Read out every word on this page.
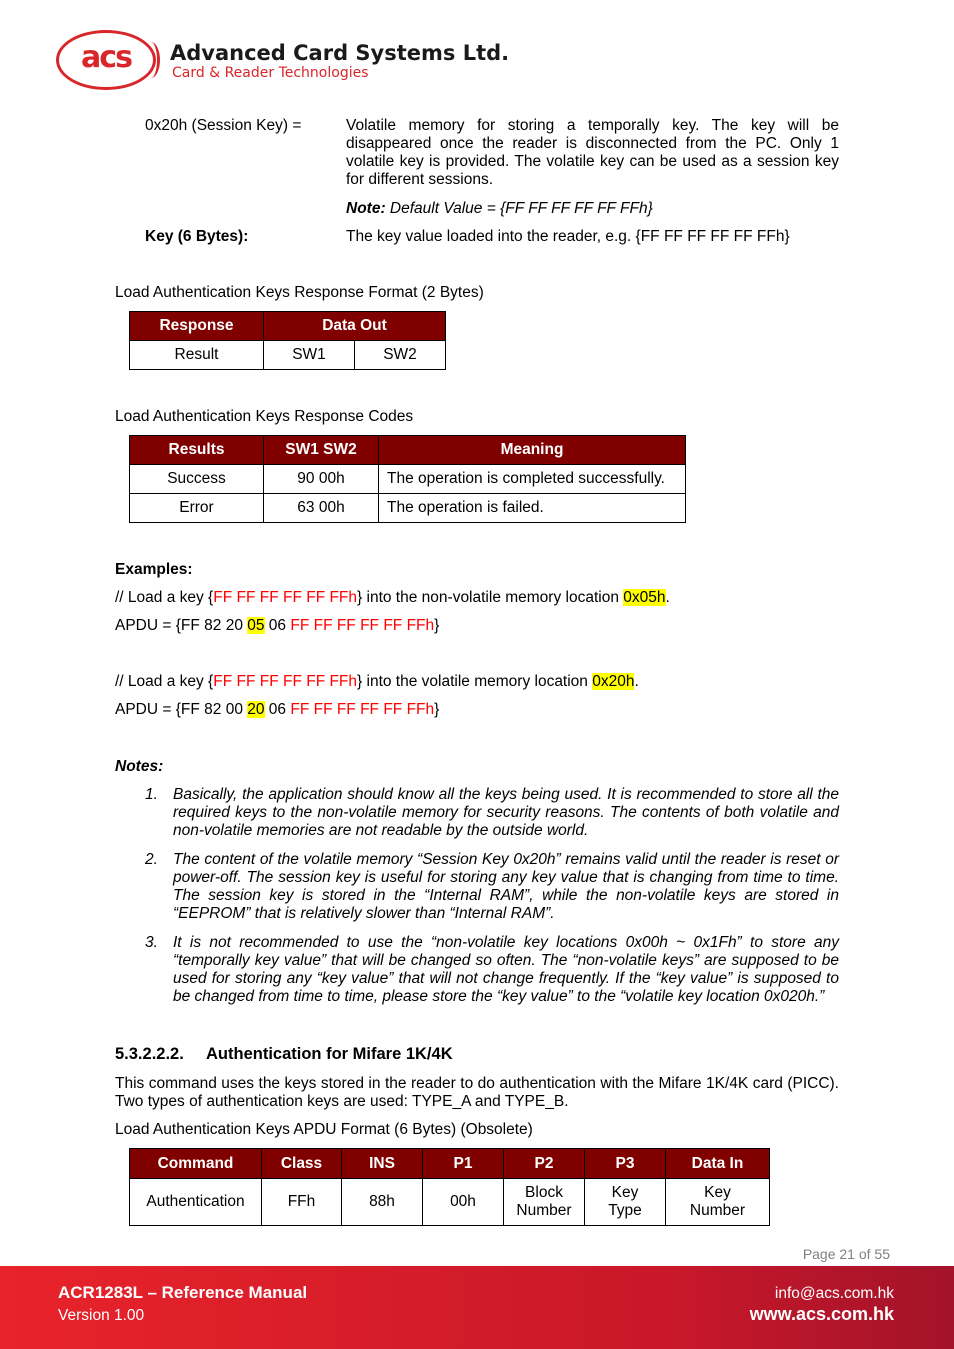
acs	Advanced Card Systems Ltd.
Card & Reader Technologies
0x20h (Session Key) =	Volatile memory for storing a temporally key. The key will be disappeared once the reader is disconnected from the PC. Only 1 volatile key is provided. The volatile key can be used as a session key for different sessions.
Note: Default Value = {FF FF FF FF FF FFh}
Key (6 Bytes):	The key value loaded into the reader, e.g. {FF FF FF FF FF FFh}
Load Authentication Keys Response Format (2 Bytes)
Response	Data Out	
Result	SW1	SW2
Load Authentication Keys Response Codes
Results	SW1 SW2	Meaning
Success	90 00h	The operation is completed successfully.
Error	63 00h	The operation is failed.
Examples:
// Load a key {FF FF FF FF FF FFh} into the non-volatile memory location 0x05h.
APDU = {FF 82 20 05 06 FF FF FF FF FF FFh}
// Load a key {FF FF FF FF FF FFh} into the volatile memory location 0x20h.
APDU = {FF 82 00 20 06 FF FF FF FF FF FFh}
Notes:
1. Basically, the application should know all the keys being used. It is recommended to store all the required keys to the non-volatile memory for security reasons. The contents of both volatile and non-volatile memories are not readable by the outside world.
2. The content of the volatile memory “Session Key 0x20h” remains valid until the reader is reset or power-off. The session key is useful for storing any key value that is changing from time to time. The session key is stored in the “Internal RAM”, while the non-volatile keys are stored in “EEPROM” that is relatively slower than “Internal RAM”.
3. It is not recommended to use the “non-volatile key locations 0x00h ~ 0x1Fh” to store any “temporally key value” that will be changed so often. The “non-volatile keys” are supposed to be used for storing any “key value” that will not change frequently. If the “key value” is supposed to be changed from time to time, please store the “key value” to the “volatile key location 0x020h.”
5.3.2.2.2. Authentication for Mifare 1K/4K
This command uses the keys stored in the reader to do authentication with the Mifare 1K/4K card (PICC). Two types of authentication keys are used: TYPE_A and TYPE_B.
Load Authentication Keys APDU Format (6 Bytes) (Obsolete)
Command	Class	INS	P1	P2	P3	Data In
Authentication	FFh	88h	00h	Block Number	Key Type	Key Number
Page 21 of 55
ACR1283L – Reference Manual
Version 1.00
info@acs.com.hk
www.acs.com.hk
